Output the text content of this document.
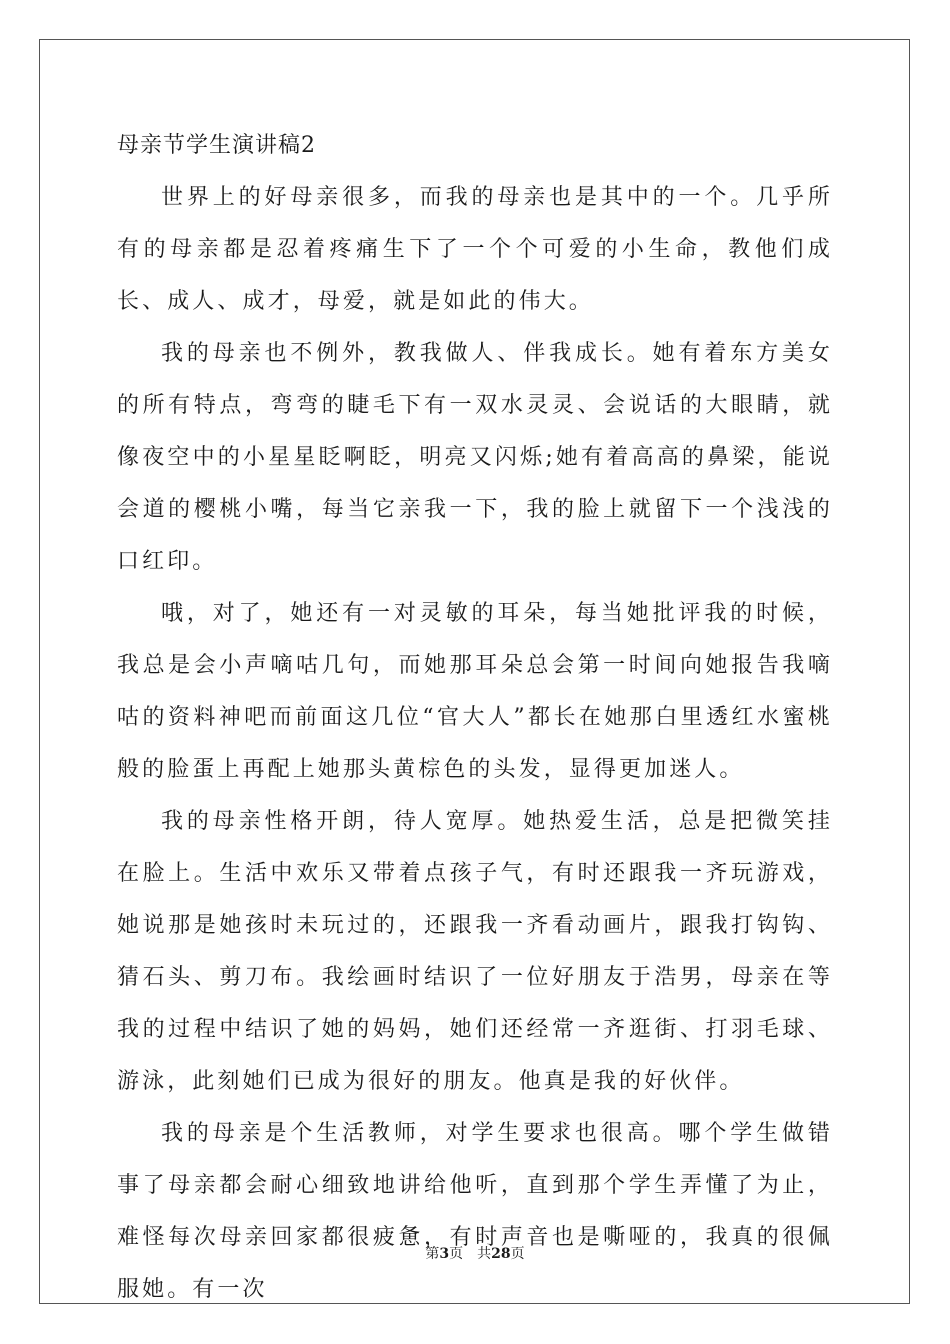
母亲节学生演讲稿2

世界上的好母亲很多，而我的母亲也是其中的一个。几乎所有的母亲都是忍着疼痛生下了一个个可爱的小生命，教他们成长、成人、成才，母爱，就是如此的伟大。

我的母亲也不例外，教我做人、伴我成长。她有着东方美女的所有特点，弯弯的睫毛下有一双水灵灵、会说话的大眼睛，就像夜空中的小星星眨啊眨，明亮又闪烁;她有着高高的鼻梁，能说会道的樱桃小嘴，每当它亲我一下，我的脸上就留下一个浅浅的口红印。

哦，对了，她还有一对灵敏的耳朵，每当她批评我的时候，我总是会小声嘀咕几句，而她那耳朵总会第一时间向她报告我嘀咕的资料神吧而前面这几位“官大人”都长在她那白里透红水蜜桃般的脸蛋上再配上她那头黄棕色的头发，显得更加迷人。

我的母亲性格开朗，待人宽厚。她热爱生活，总是把微笑挂在脸上。生活中欢乐又带着点孩子气，有时还跟我一齐玩游戏，她说那是她孩时未玩过的，还跟我一齐看动画片，跟我打钩钩、猜石头、剪刀布。我绘画时结识了一位好朋友于浩男，母亲在等我的过程中结识了她的妈妈，她们还经常一齐逛街、打羽毛球、游泳，此刻她们已成为很好的朋友。他真是我的好伙伴。

我的母亲是个生活教师，对学生要求也很高。哪个学生做错事了母亲都会耐心细致地讲给他听，直到那个学生弄懂了为止，难怪每次母亲回家都很疲惫，有时声音也是嘶哑的，我真的很佩服她。有一次

第3页 共28页
